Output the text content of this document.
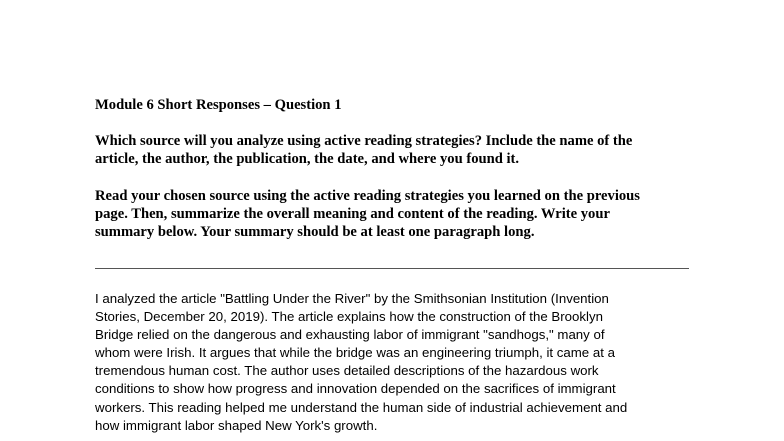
Module 6 Short Responses – Question 1

Which source will you analyze using active reading strategies? Include the name of the
article, the author, the publication, the date, and where you found it.

Read your chosen source using the active reading strategies you learned on the previous
page. Then, summarize the overall meaning and content of the reading. Write your
summary below. Your summary should be at least one paragraph long.

I analyzed the article "Battling Under the River" by the Smithsonian Institution (Invention
Stories, December 20, 2019). The article explains how the construction of the Brooklyn
Bridge relied on the dangerous and exhausting labor of immigrant "sandhogs," many of
whom were Irish. It argues that while the bridge was an engineering triumph, it came at a
tremendous human cost. The author uses detailed descriptions of the hazardous work
conditions to show how progress and innovation depended on the sacrifices of immigrant
workers. This reading helped me understand the human side of industrial achievement and
how immigrant labor shaped New York's growth.
